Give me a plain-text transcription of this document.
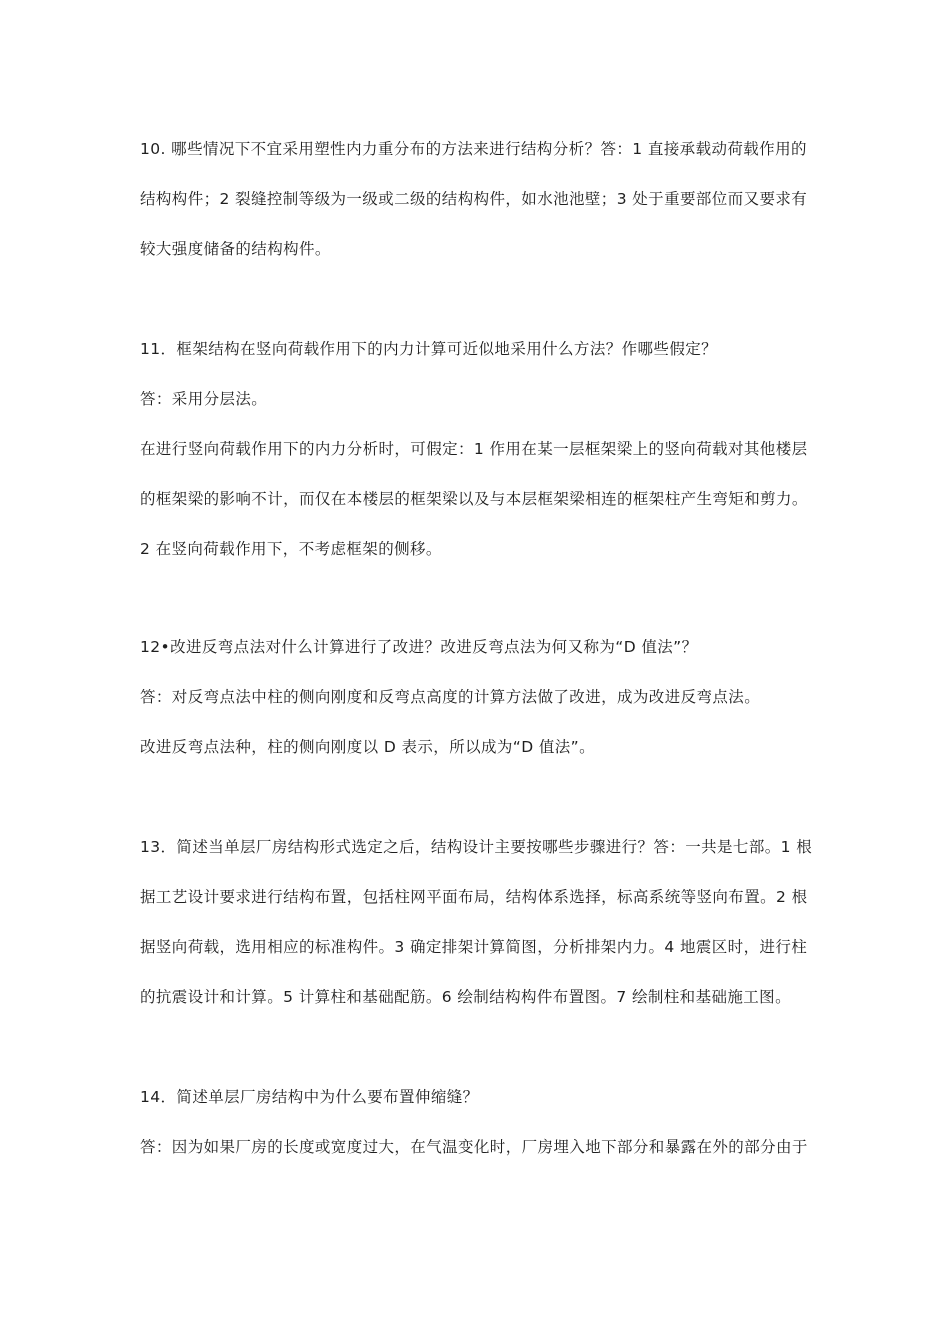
10. 哪些情况下不宜采用塑性内力重分布的方法来进行结构分析？答：1 直接承载动荷载作用的
结构构件；2 裂缝控制等级为一级或二级的结构构件，如水池池壁；3 处于重要部位而又要求有
较大强度储备的结构构件。
11．框架结构在竖向荷载作用下的内力计算可近似地采用什么方法？作哪些假定？
答：采用分层法。
在进行竖向荷载作用下的内力分析时，可假定：1 作用在某一层框架梁上的竖向荷载对其他楼层
的框架梁的影响不计，而仅在本楼层的框架梁以及与本层框架梁相连的框架柱产生弯矩和剪力。
2 在竖向荷载作用下，不考虑框架的侧移。
12•改进反弯点法对什么计算进行了改进？改进反弯点法为何又称为“D 值法”？
答：对反弯点法中柱的侧向刚度和反弯点高度的计算方法做了改进，成为改进反弯点法。
改进反弯点法种，柱的侧向刚度以 D 表示，所以成为“D 值法”。
13．简述当单层厂房结构形式选定之后，结构设计主要按哪些步骤进行？答：一共是七部。1 根
据工艺设计要求进行结构布置，包括柱网平面布局，结构体系选择，标高系统等竖向布置。2 根
据竖向荷载，选用相应的标准构件。3 确定排架计算简图，分析排架内力。4 地震区时，进行柱
的抗震设计和计算。5 计算柱和基础配筋。6 绘制结构构件布置图。7 绘制柱和基础施工图。
14．简述单层厂房结构中为什么要布置伸缩缝？
答：因为如果厂房的长度或宽度过大，在气温变化时，厂房埋入地下部分和暴露在外的部分由于
